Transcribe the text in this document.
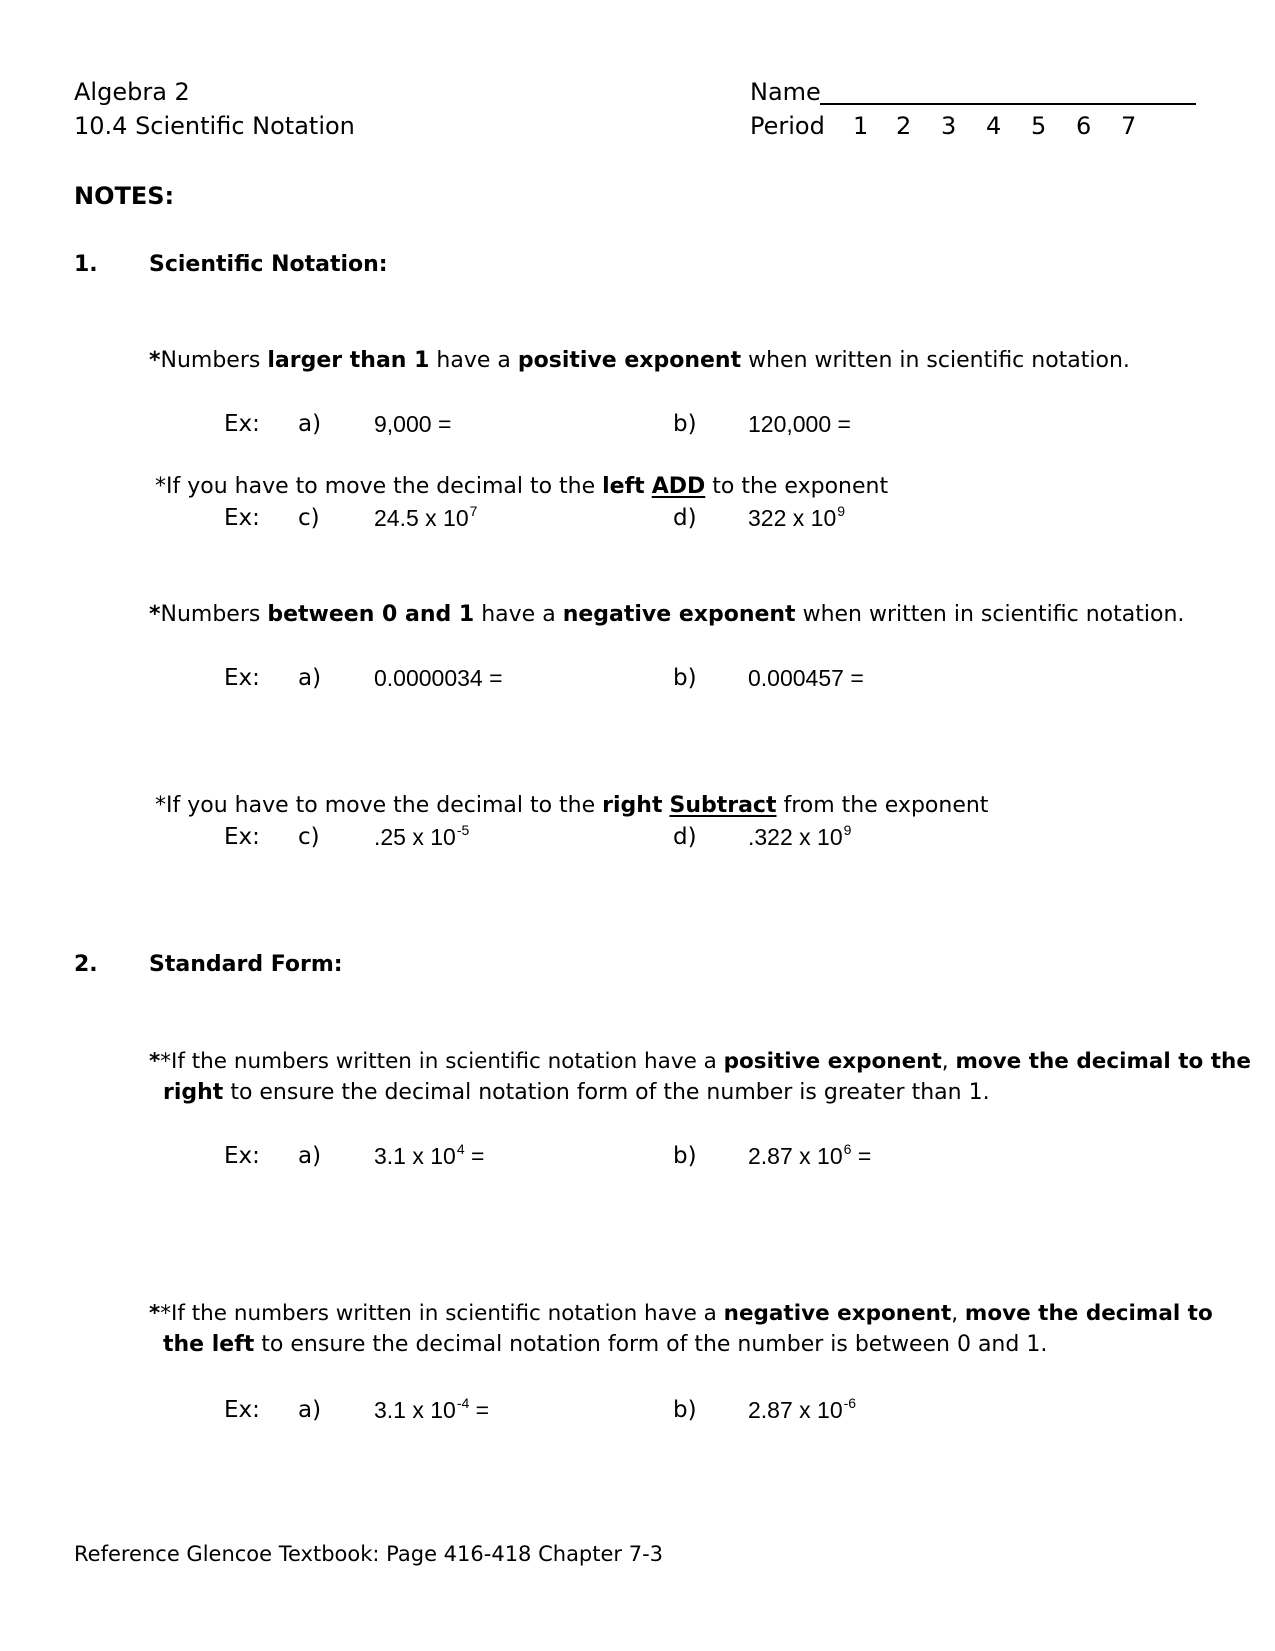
Algebra 2
10.4 Scientific Notation
Name
Period 1 2 3 4 5 6 7
NOTES:
1. Scientific Notation:
*Numbers larger than 1 have a positive exponent when written in scientific notation.
Ex: a) 9,000 =	b) 120,000 =
*If you have to move the decimal to the left ADD to the exponent
Ex: c) 24.5 x $10^7$	d) 322 x $10^9$
*Numbers between 0 and 1 have a negative exponent when written in scientific notation.
Ex: a) 0.0000034 =	b) 0.000457 =
*If you have to move the decimal to the right Subtract from the exponent
Ex: c) .25 x $10^{-5}$	d) .322 x $10^9$
2. Standard Form:
**If the numbers written in scientific notation have a positive exponent, move the decimal to the
right to ensure the decimal notation form of the number is greater than 1.
Ex: a) 3.1 x $10^4$ =	b) 2.87 x $10^6$ =
**If the numbers written in scientific notation have a negative exponent, move the decimal to
the left to ensure the decimal notation form of the number is between 0 and 1.
Ex: a) 3.1 x $10^{-4}$ =	b) 2.87 x $10^{-6}$
Reference Glencoe Textbook: Page 416-418 Chapter 7-3
